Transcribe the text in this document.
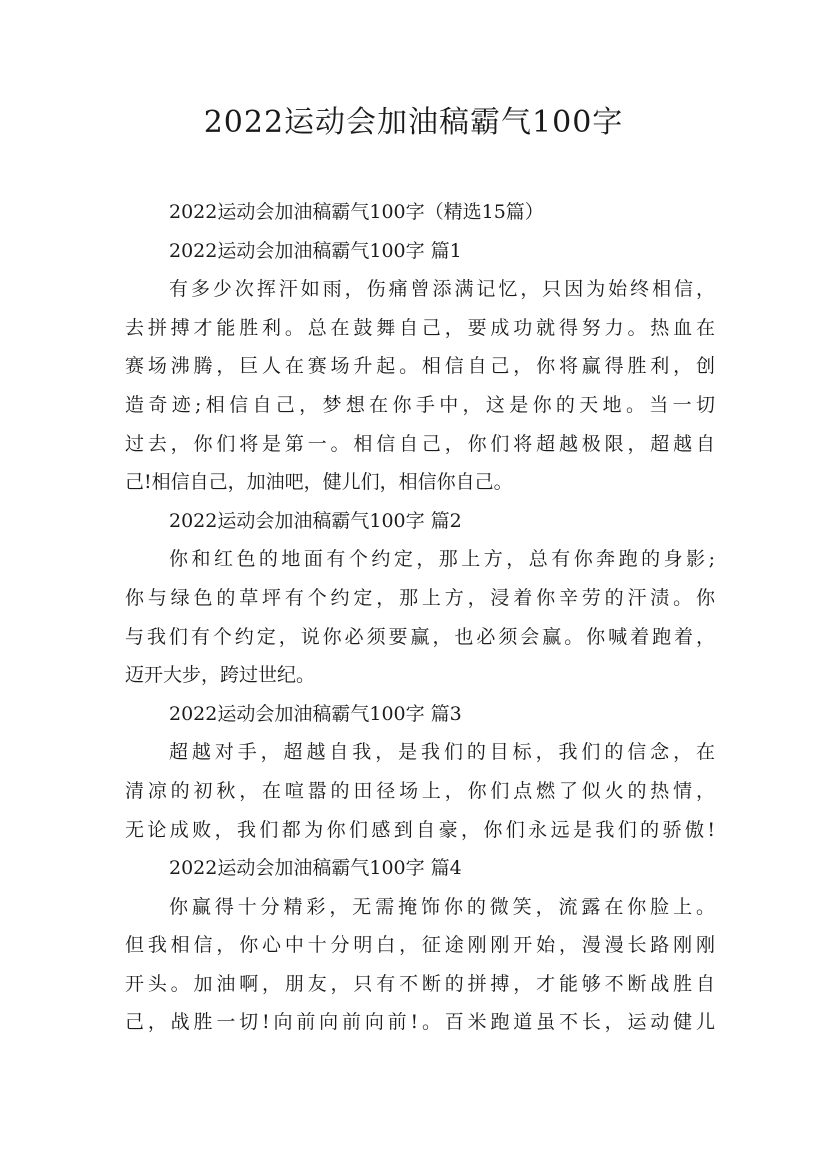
2022运动会加油稿霸气100字
2022运动会加油稿霸气100字（精选15篇）
2022运动会加油稿霸气100字 篇1
有多少次挥汗如雨，伤痛曾添满记忆，只因为始终相信，
去拼搏才能胜利。总在鼓舞自己，要成功就得努力。热血在
赛场沸腾，巨人在赛场升起。相信自己，你将赢得胜利，创
造奇迹;相信自己，梦想在你手中，这是你的天地。当一切
过去，你们将是第一。相信自己，你们将超越极限，超越自
己!相信自己，加油吧，健儿们，相信你自己。
2022运动会加油稿霸气100字 篇2
你和红色的地面有个约定，那上方，总有你奔跑的身影;
你与绿色的草坪有个约定，那上方，浸着你辛劳的汗渍。你
与我们有个约定，说你必须要赢，也必须会赢。你喊着跑着，
迈开大步，跨过世纪。
2022运动会加油稿霸气100字 篇3
超越对手，超越自我，是我们的目标，我们的信念，在
清凉的初秋，在喧嚣的田径场上，你们点燃了似火的热情，
无论成败，我们都为你们感到自豪，你们永远是我们的骄傲!
2022运动会加油稿霸气100字 篇4
你赢得十分精彩，无需掩饰你的微笑，流露在你脸上。
但我相信，你心中十分明白，征途刚刚开始，漫漫长路刚刚
开头。加油啊，朋友，只有不断的拼搏，才能够不断战胜自
己，战胜一切!向前向前向前!。百米跑道虽不长，运动健儿
